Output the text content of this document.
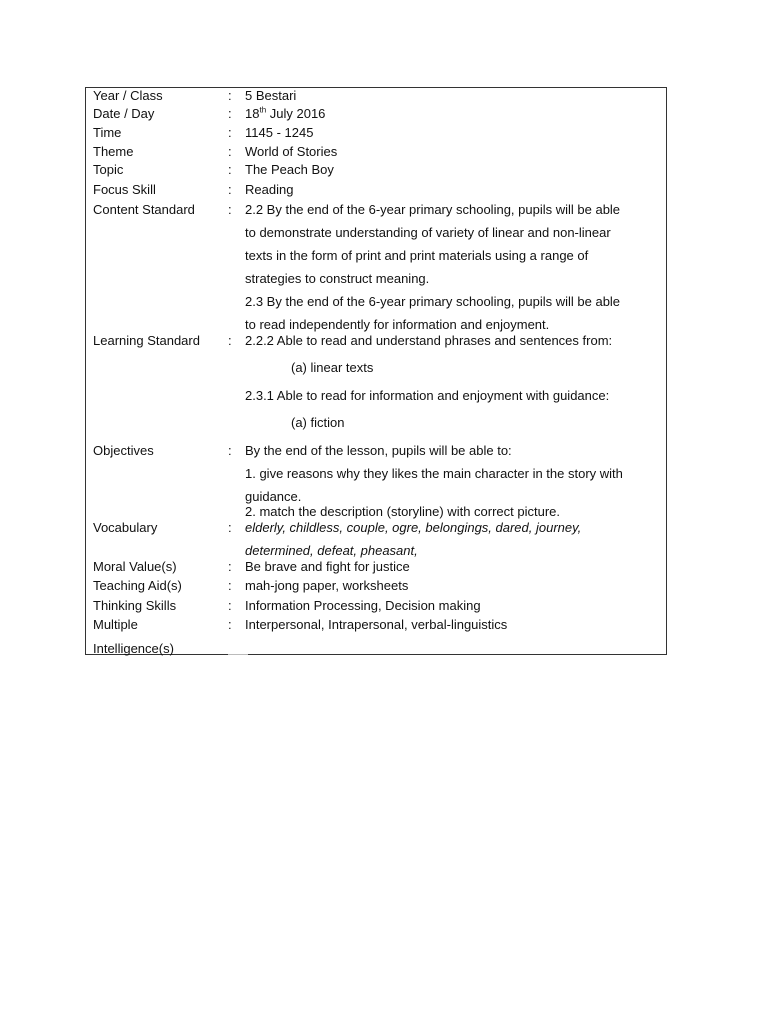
Year / Class	: 5 Bestari
Date / Day	: 18th July 2016
Time	: 1145 - 1245
Theme	: World of Stories
Topic	: The Peach Boy
Focus Skill	: Reading
Content Standard	: 2.2 By the end of the 6-year primary schooling, pupils will be able
to demonstrate understanding of variety of linear and non-linear
texts in the form of print and print materials using a range of
strategies to construct meaning.
2.3 By the end of the 6-year primary schooling, pupils will be able
to read independently for information and enjoyment.
Learning Standard : 2.2.2 Able to read and understand phrases and sentences from:
(a) linear texts
2.3.1 Able to read for information and enjoyment with guidance:
(a) fiction
Objectives	: By the end of the lesson, pupils will be able to:
1. give reasons why they likes the main character in the story with
guidance.
2. match the description (storyline) with correct picture.
Vocabulary	: elderly, childless, couple, ogre, belongings, dared, journey,
determined, defeat, pheasant,
Moral Value(s)	: Be brave and fight for justice
Teaching Aid(s)	: mah-jong paper, worksheets
Thinking Skills	: Information Processing, Decision making
Multiple	: Interpersonal, Intrapersonal, verbal-linguistics
Intelligence(s)
